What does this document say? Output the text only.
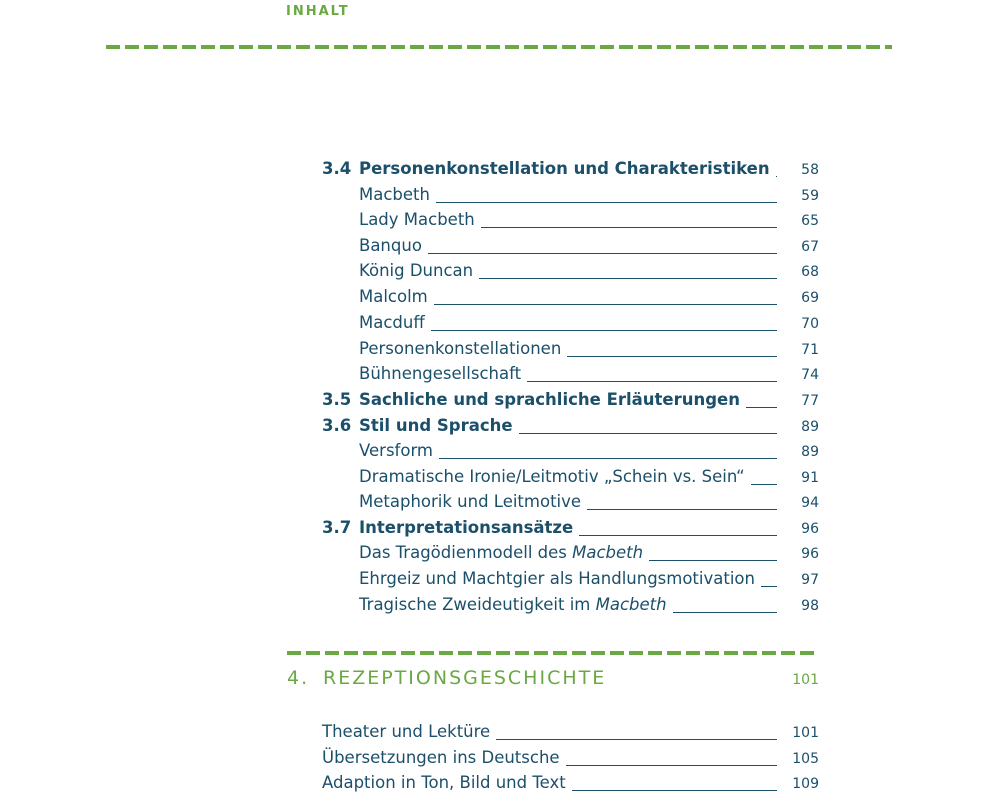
INHALT
3.4 Personenkonstellation und Charakteristiken	58
Macbeth	59
Lady Macbeth	65
Banquo	67
König Duncan	68
Malcolm	69
Macduff	70
Personenkonstellationen	71
Bühnengesellschaft	74
3.5 Sachliche und sprachliche Erläuterungen	77
3.6 Stil und Sprache	89
Versform	89
Dramatische Ironie/Leitmotiv „Schein vs. Sein“	91
Metaphorik und Leitmotive	94
3.7 Interpretationsansätze	96
Das Tragödienmodell des Macbeth	96
Ehrgeiz und Machtgier als Handlungsmotivation	97
Tragische Zweideutigkeit im Macbeth	98
4. REZEPTIONSGESCHICHTE	101
Theater und Lektüre	101
Übersetzungen ins Deutsche	105
Adaption in Ton, Bild und Text	109
